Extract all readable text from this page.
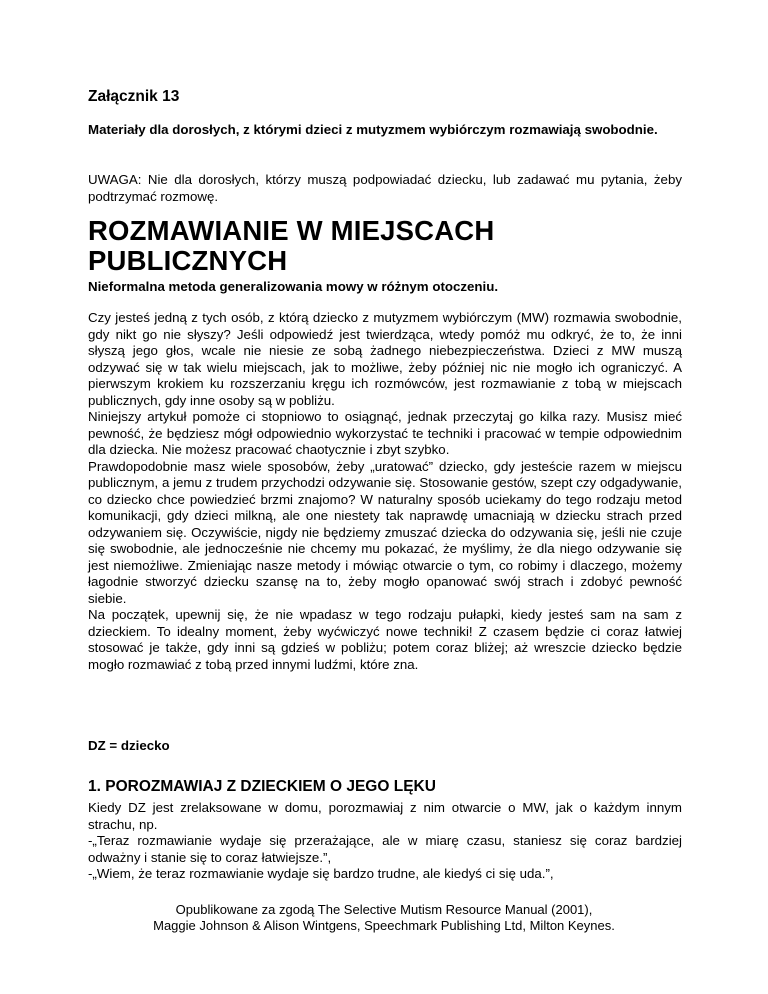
Załącznik 13
Materiały dla dorosłych, z którymi dzieci z mutyzmem wybiórczym rozmawiają swobodnie.
UWAGA: Nie dla dorosłych, którzy muszą podpowiadać dziecku, lub zadawać mu pytania, żeby podtrzymać rozmowę.
ROZMAWIANIE W MIEJSCACH PUBLICZNYCH
Nieformalna metoda generalizowania mowy w różnym otoczeniu.

Czy jesteś jedną z tych osób, z którą dziecko z mutyzmem wybiórczym (MW) rozmawia swobodnie, gdy nikt go nie słyszy? Jeśli odpowiedź jest twierdząca, wtedy pomóż mu odkryć, że to, że inni słyszą jego głos, wcale nie niesie ze sobą żadnego niebezpieczeństwa. Dzieci z MW muszą odzywać się w tak wielu miejscach, jak to możliwe, żeby później nic nie mogło ich ograniczyć. A pierwszym krokiem ku rozszerzaniu kręgu ich rozmówców, jest rozmawianie z tobą w miejscach publicznych, gdy inne osoby są w pobliżu.

Niniejszy artykuł pomoże ci stopniowo to osiągnąć, jednak przeczytaj go kilka razy. Musisz mieć pewność, że będziesz mógł odpowiednio wykorzystać te techniki i pracować w tempie odpowiednim dla dziecka. Nie możesz pracować chaotycznie i zbyt szybko.

Prawdopodobnie masz wiele sposobów, żeby „uratować” dziecko, gdy jesteście razem w miejscu publicznym, a jemu z trudem przychodzi odzywanie się. Stosowanie gestów, szept czy odgadywanie, co dziecko chce powiedzieć brzmi znajomo? W naturalny sposób uciekamy do tego rodzaju metod komunikacji, gdy dzieci milkną, ale one niestety tak naprawdę umacniają w dziecku strach przed odzywaniem się. Oczywiście, nigdy nie będziemy zmuszać dziecka do odzywania się, jeśli nie czuje się swobodnie, ale jednocześnie nie chcemy mu pokazać, że myślimy, że dla niego odzywanie się jest niemożliwe. Zmieniając nasze metody i mówiąc otwarcie o tym, co robimy i dlaczego, możemy łagodnie stworzyć dziecku szansę na to, żeby mogło opanować swój strach i zdobyć pewność siebie.

Na początek, upewnij się, że nie wpadasz w tego rodzaju pułapki, kiedy jesteś sam na sam z dzieckiem. To idealny moment, żeby wyćwiczyć nowe techniki! Z czasem będzie ci coraz łatwiej stosować je także, gdy inni są gdzieś w pobliżu; potem coraz bliżej; aż wreszcie dziecko będzie mogło rozmawiać z tobą przed innymi ludźmi, które zna.

DZ = dziecko
1. POROZMAWIAJ Z DZIECKIEM O JEGO LĘKU

Kiedy DZ jest zrelaksowane w domu, porozmawiaj z nim otwarcie o MW, jak o każdym innym strachu, np.

-„Teraz rozmawianie wydaje się przerażające, ale w miarę czasu, staniesz się coraz bardziej odważny i stanie się to coraz łatwiejsze.”,

-„Wiem, że teraz rozmawianie wydaje się bardzo trudne, ale kiedyś ci się uda.”,

Opublikowane za zgodą The Selective Mutism Resource Manual (2001),
Maggie Johnson & Alison Wintgens, Speechmark Publishing Ltd, Milton Keynes.
